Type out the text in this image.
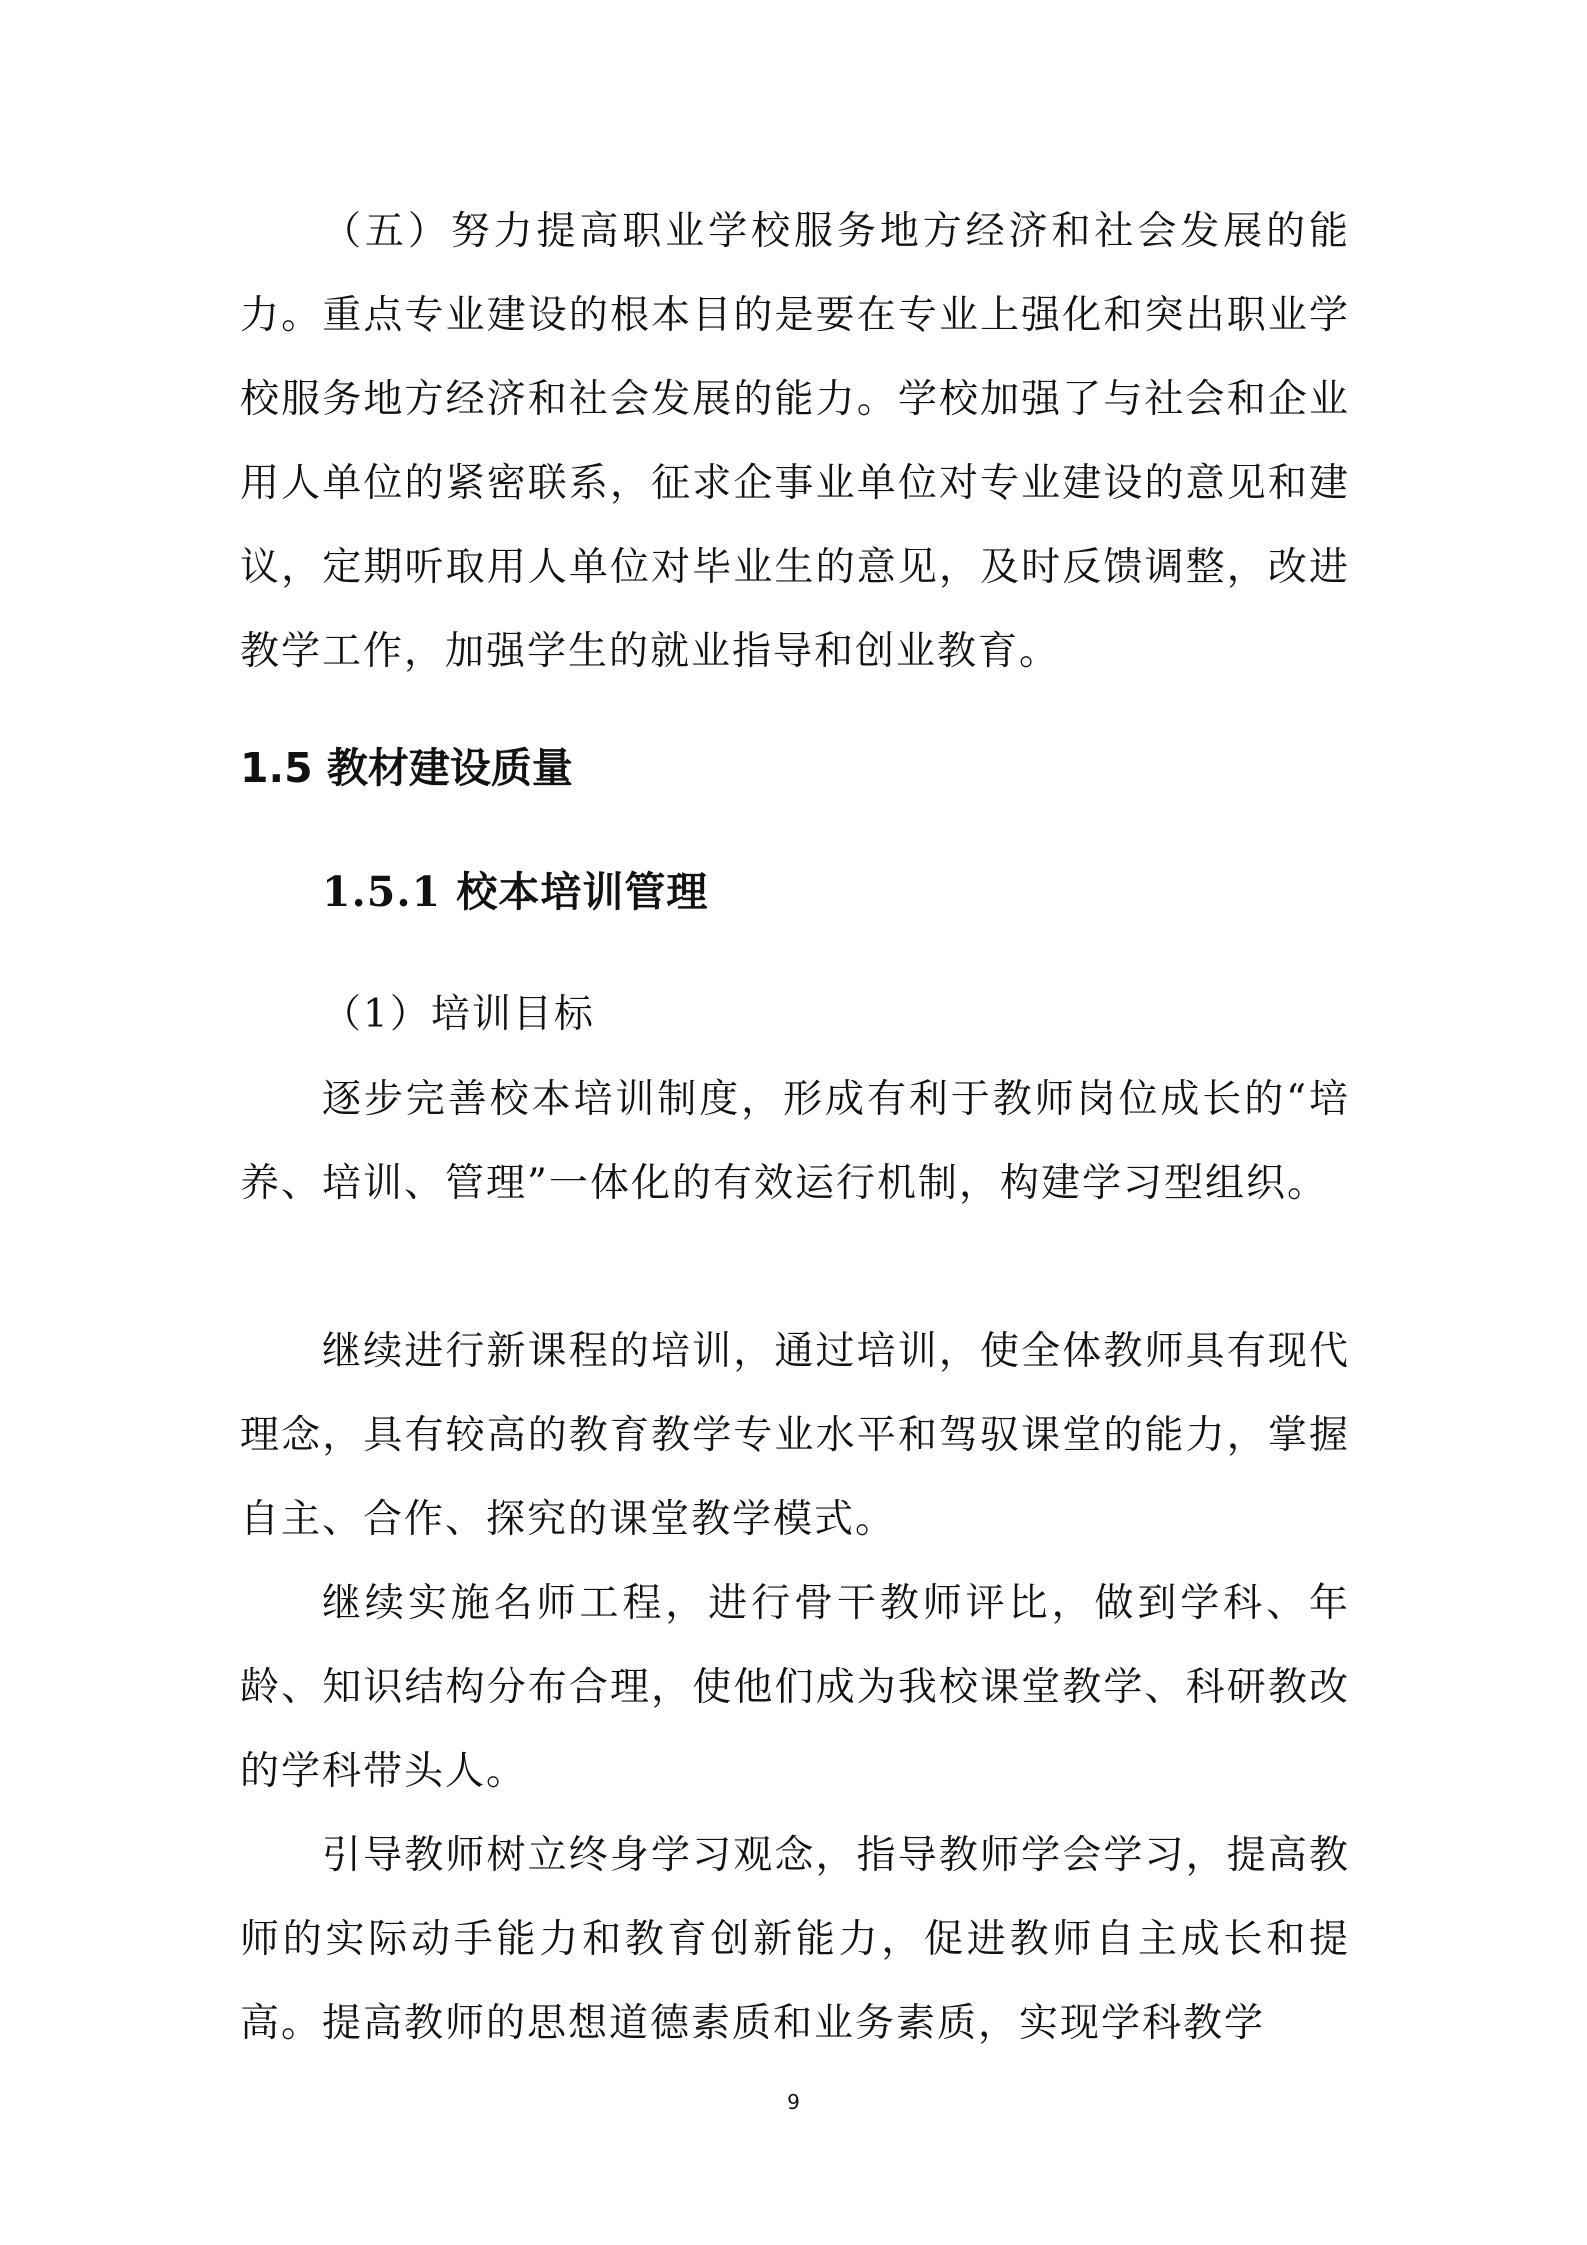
（五）努力提高职业学校服务地方经济和社会发展的能力。重点专业建设的根本目的是要在专业上强化和突出职业学校服务地方经济和社会发展的能力。学校加强了与社会和企业用人单位的紧密联系，征求企事业单位对专业建设的意见和建议，定期听取用人单位对毕业生的意见，及时反馈调整，改进教学工作，加强学生的就业指导和创业教育。

1.5 教材建设质量
1.5.1 校本培训管理

（1）培训目标

逐步完善校本培训制度，形成有利于教师岗位成长的“培养、培训、管理”一体化的有效运行机制，构建学习型组织。

继续进行新课程的培训，通过培训，使全体教师具有现代理念，具有较高的教育教学专业水平和驾驭课堂的能力，掌握自主、合作、探究的课堂教学模式。

继续实施名师工程，进行骨干教师评比，做到学科、年龄、知识结构分布合理，使他们成为我校课堂教学、科研教改的学科带头人。

引导教师树立终身学习观念，指导教师学会学习，提高教师的实际动手能力和教育创新能力，促进教师自主成长和提高。提高教师的思想道德素质和业务素质，实现学科教学

9
